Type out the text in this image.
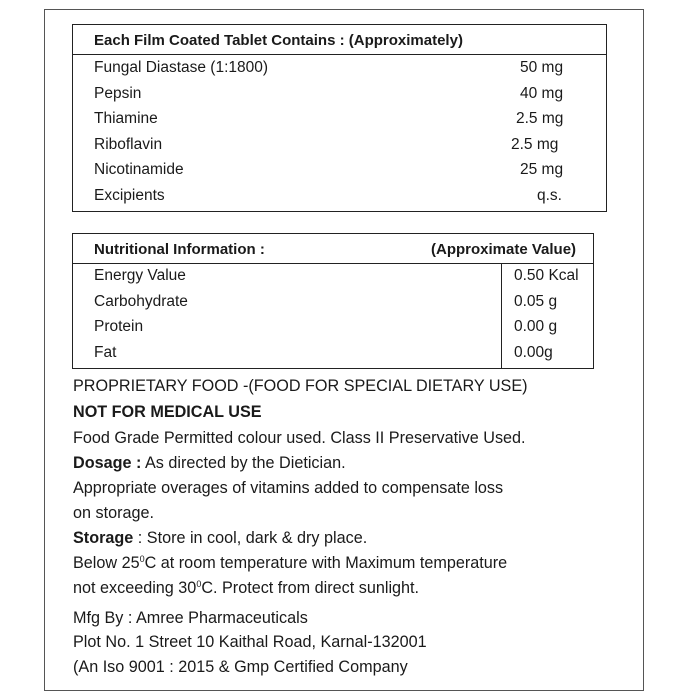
Each Film Coated Tablet Contains : (Approximately)
Fungal Diastase (1:1800)	50 mg
Pepsin	40 mg
Thiamine	2.5 mg
Riboflavin	2.5 mg
Nicotinamide	25 mg
Excipients	q.s.
Nutritional Information :	(Approximate Value)
Energy Value	0.50 Kcal
Carbohydrate	0.05 g
Protein	0.00 g
Fat	0.00g
PROPRIETARY FOOD -(FOOD FOR SPECIAL DIETARY USE)
NOT FOR MEDICAL USE
Food Grade Permitted colour used. Class II Preservative Used.
Dosage : As directed by the Dietician.
Appropriate overages of vitamins added to compensate loss
on storage.
Storage : Store in cool, dark & dry place.
Below $25^0C$ at room temperature with Maximum temperature
not exceeding $30^0C$. Protect from direct sunlight.
Mfg By : Amree Pharmaceuticals
Plot No. 1 Street 10 Kaithal Road, Karnal-132001
(An Iso 9001 : 2015 & Gmp Certified Company
